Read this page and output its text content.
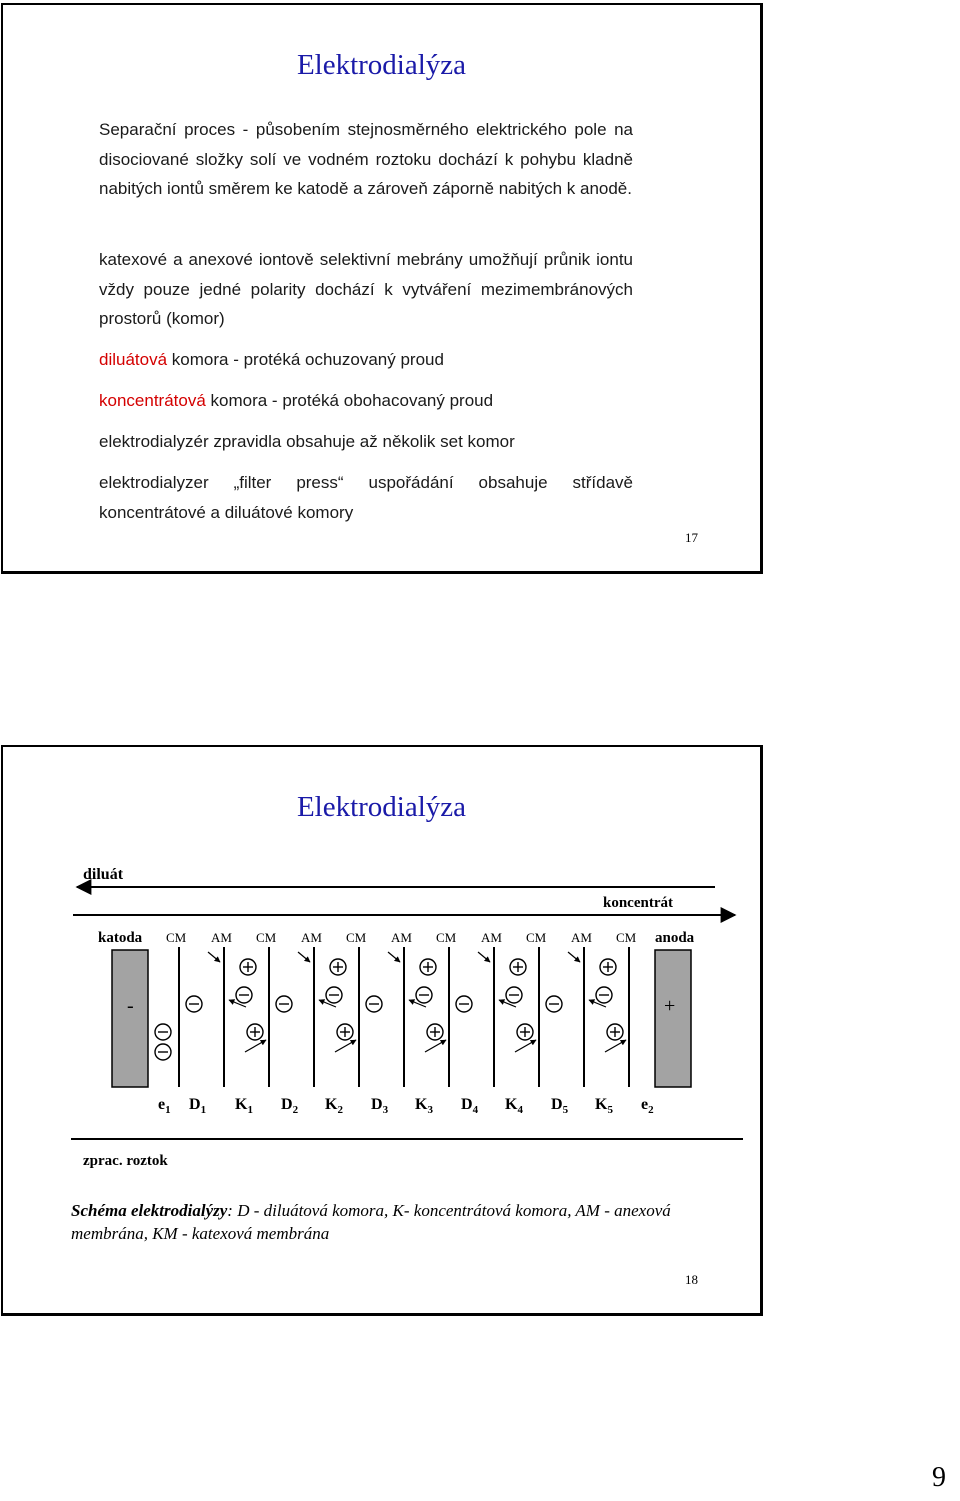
Elektrodialýza
Separační proces - působením stejnosměrného elektrického pole na disociované složky solí ve vodném roztoku dochází k pohybu kladně nabitých iontů směrem ke katodě a zároveň záporně nabitých k anodě.
katexové a anexové iontově selektivní mebrány umožňují průnik iontu vždy pouze jedné polarity dochází k vytváření mezimembránových prostorů (komor)
diluátová komora - protéká ochuzovaný proud
koncentrátová komora - protéká obohacovaný proud
elektrodialyzér zpravidla obsahuje až několik set komor
elektrodialyzer „filter press“ uspořádání obsahuje střídavě koncentrátové a diluátové komory
17
Elektrodialýza
diluát
koncentrát
katoda	anoda
CM AM CM AM CM AM CM AM CM AM CM
-	+
$e_1$ $D_1$ $K_1$ $D_2$ $K_2$ $D_3$ $K_3$ $D_4$ $K_4$ $D_5$ $K_5$ $e_2$
zprac. roztok
Schéma elektrodialýzy: D - diluátová komora, K- koncentrátová komora, AM - anexová membrána, KM - katexová membrána
18
9
